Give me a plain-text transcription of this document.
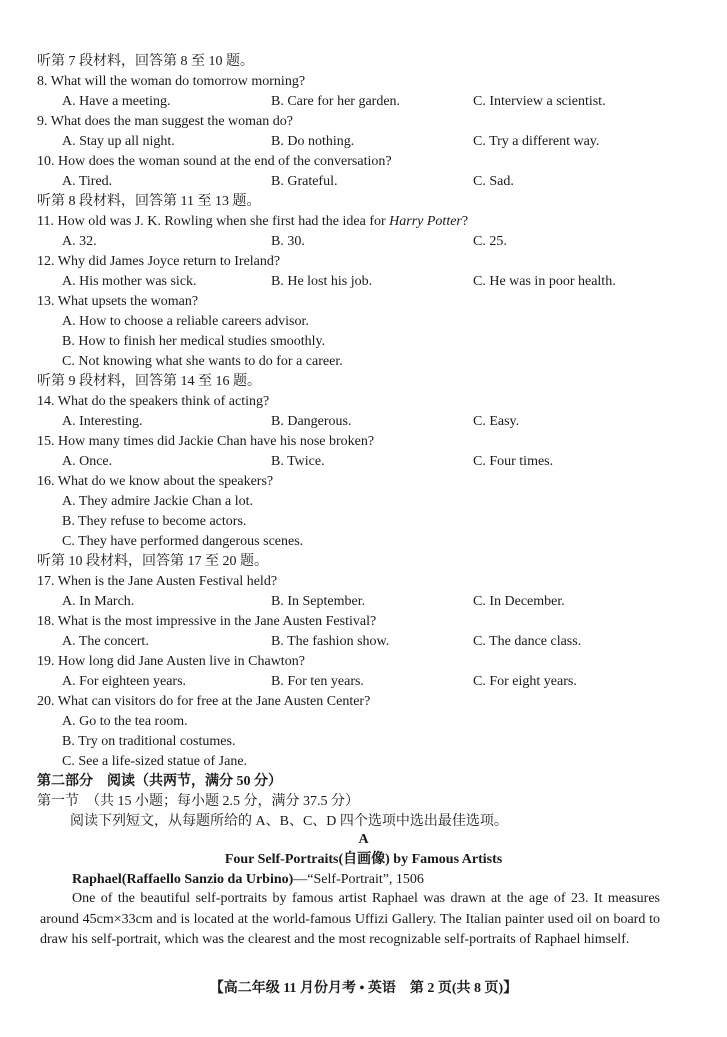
听第 7 段材料，回答第 8 至 10 题。
8. What will the woman do tomorrow morning?
A. Have a meeting.	B. Care for her garden.	C. Interview a scientist.
9. What does the man suggest the woman do?
A. Stay up all night.	B. Do nothing.	C. Try a different way.
10. How does the woman sound at the end of the conversation?
A. Tired.	B. Grateful.	C. Sad.
听第 8 段材料，回答第 11 至 13 题。
11. How old was J. K. Rowling when she first had the idea for Harry Potter?
A. 32.	B. 30.	C. 25.
12. Why did James Joyce return to Ireland?
A. His mother was sick.	B. He lost his job.	C. He was in poor health.
13. What upsets the woman?
A. How to choose a reliable careers advisor.
B. How to finish her medical studies smoothly.
C. Not knowing what she wants to do for a career.
听第 9 段材料，回答第 14 至 16 题。
14. What do the speakers think of acting?
A. Interesting.	B. Dangerous.	C. Easy.
15. How many times did Jackie Chan have his nose broken?
A. Once.	B. Twice.	C. Four times.
16. What do we know about the speakers?
A. They admire Jackie Chan a lot.
B. They refuse to become actors.
C. They have performed dangerous scenes.
听第 10 段材料，回答第 17 至 20 题。
17. When is the Jane Austen Festival held?
A. In March.	B. In September.	C. In December.
18. What is the most impressive in the Jane Austen Festival?
A. The concert.	B. The fashion show.	C. The dance class.
19. How long did Jane Austen live in Chawton?
A. For eighteen years.	B. For ten years.	C. For eight years.
20. What can visitors do for free at the Jane Austen Center?
A. Go to the tea room.
B. Try on traditional costumes.
C. See a life-sized statue of Jane.
第二部分　阅读（共两节，满分 50 分）
第一节　（共 15 小题；每小题 2.5 分，满分 37.5 分）
阅读下列短文，从每题所给的 A、B、C、D 四个选项中选出最佳选项。
A
Four Self-Portraits(自画像) by Famous Artists
Raphael(Raffaello Sanzio da Urbino)—“Self-Portrait”, 1506
One of the beautiful self-portraits by famous artist Raphael was drawn at the age of 23. It measures around 45cm×33cm and is located at the world-famous Uffizi Gallery. The Italian painter used oil on board to draw his self-portrait, which was the clearest and the most recognizable self-portraits of Raphael himself.
【高二年级 11 月份月考 • 英语　第 2 页(共 8 页)】
